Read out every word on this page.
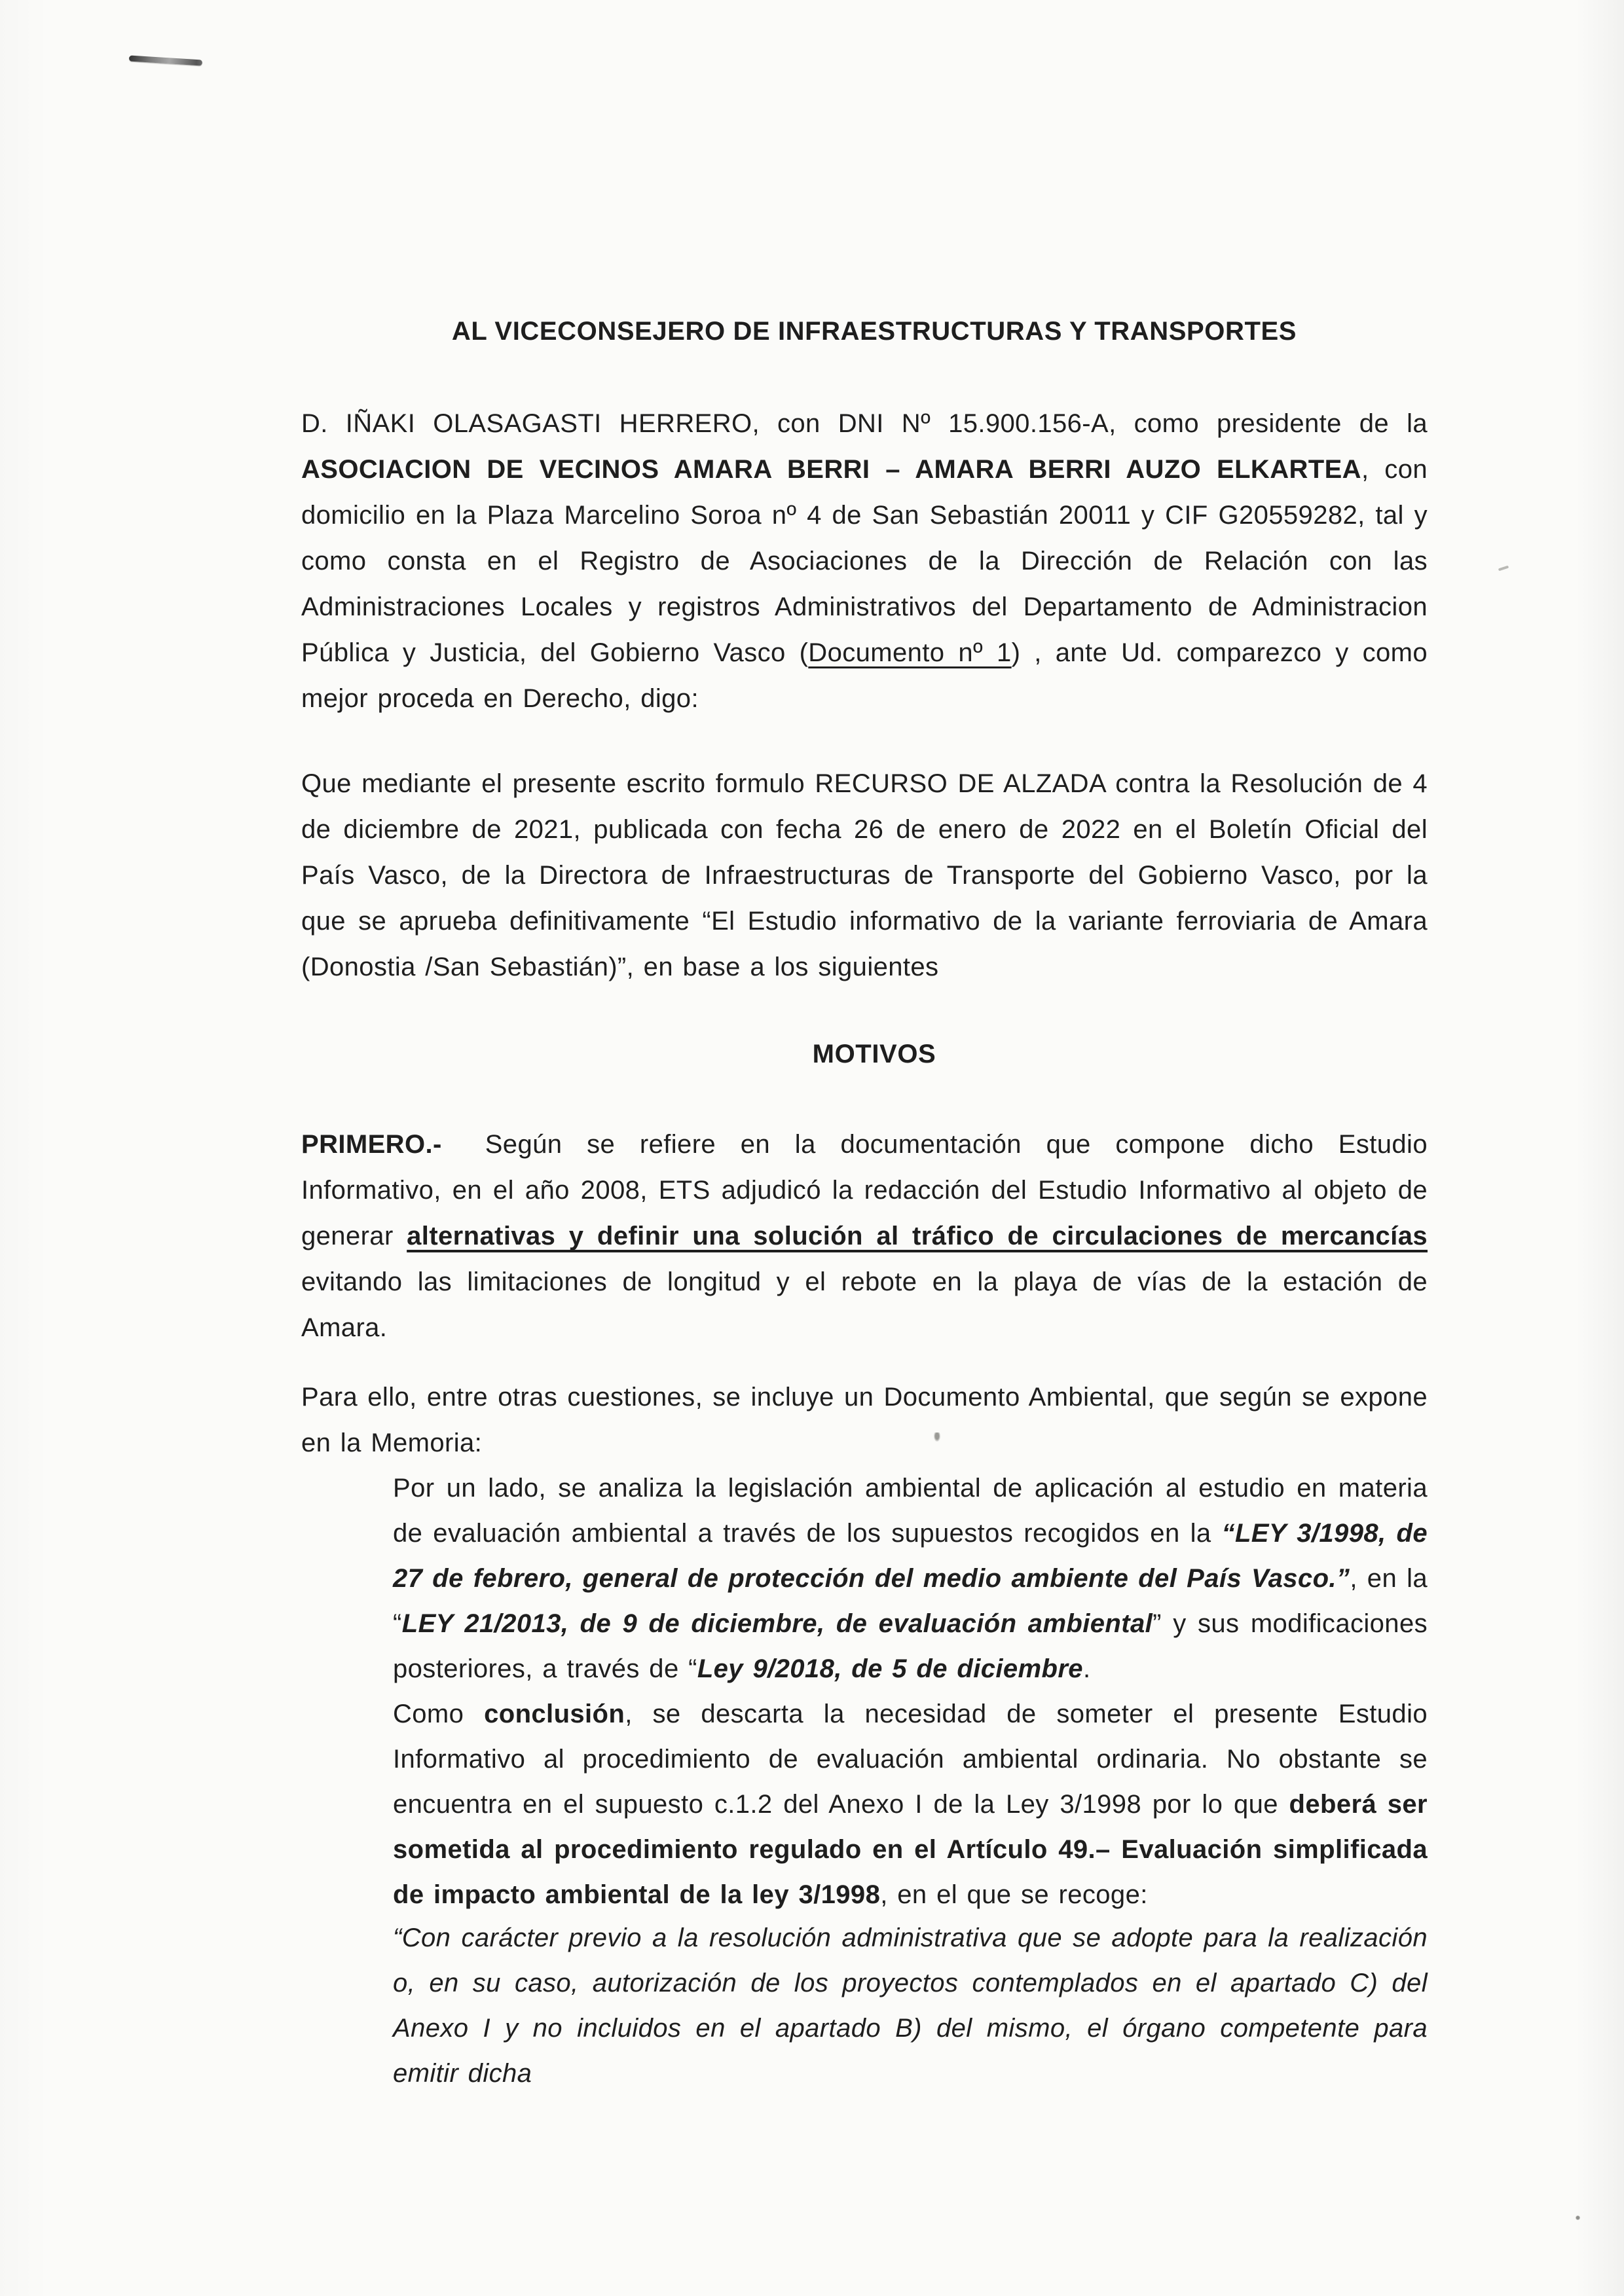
AL VICECONSEJERO DE INFRAESTRUCTURAS Y TRANSPORTES

D. IÑAKI OLASAGASTI HERRERO, con DNI Nº 15.900.156-A, como presidente de la ASOCIACION DE VECINOS AMARA BERRI – AMARA BERRI AUZO ELKARTEA, con domicilio en la Plaza Marcelino Soroa nº 4 de San Sebastián 20011 y CIF G20559282, tal y como consta en el Registro de Asociaciones de la Dirección de Relación con las Administraciones Locales y registros Administrativos del Departamento de Administracion Pública y Justicia, del Gobierno Vasco (Documento nº 1) , ante Ud. comparezco y como mejor proceda en Derecho, digo:

Que mediante el presente escrito formulo RECURSO DE ALZADA contra la Resolución de 4 de diciembre de 2021, publicada con fecha 26 de enero de 2022 en el Boletín Oficial del País Vasco, de la Directora de Infraestructuras de Transporte del Gobierno Vasco, por la que se aprueba definitivamente “El Estudio informativo de la variante ferroviaria de Amara (Donostia /San Sebastián)”, en base a los siguientes

MOTIVOS

PRIMERO.- Según se refiere en la documentación que compone dicho Estudio Informativo, en el año 2008, ETS adjudicó la redacción del Estudio Informativo al objeto de generar alternativas y definir una solución al tráfico de circulaciones de mercancías evitando las limitaciones de longitud y el rebote en la playa de vías de la estación de Amara.

Para ello, entre otras cuestiones, se incluye un Documento Ambiental, que según se expone en la Memoria:

Por un lado, se analiza la legislación ambiental de aplicación al estudio en materia de evaluación ambiental a través de los supuestos recogidos en la “LEY 3/1998, de 27 de febrero, general de protección del medio ambiente del País Vasco.”, en la “LEY 21/2013, de 9 de diciembre, de evaluación ambiental” y sus modificaciones posteriores, a través de “Ley 9/2018, de 5 de diciembre.

Como conclusión, se descarta la necesidad de someter el presente Estudio Informativo al procedimiento de evaluación ambiental ordinaria. No obstante se encuentra en el supuesto c.1.2 del Anexo I de la Ley 3/1998 por lo que deberá ser sometida al procedimiento regulado en el Artículo 49.– Evaluación simplificada de impacto ambiental de la ley 3/1998, en el que se recoge:

“Con carácter previo a la resolución administrativa que se adopte para la realización o, en su caso, autorización de los proyectos contemplados en el apartado C) del Anexo I y no incluidos en el apartado B) del mismo, el órgano competente para emitir dicha
